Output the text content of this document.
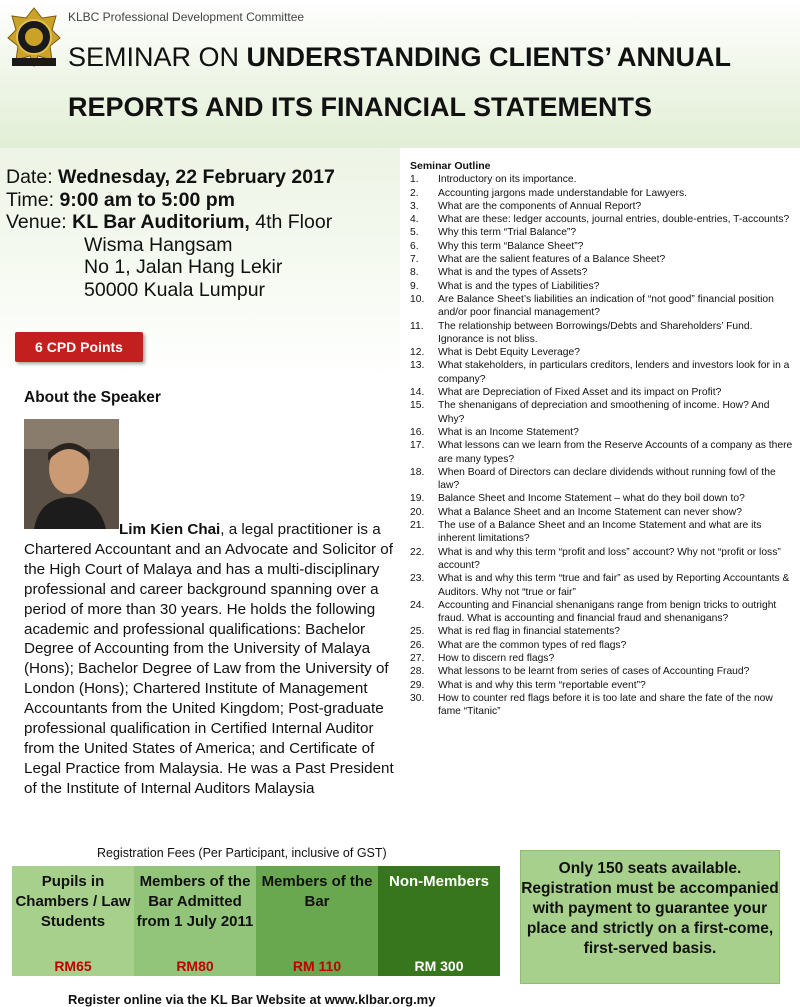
KLBC Professional Development Committee
SEMINAR ON UNDERSTANDING CLIENTS’ ANNUAL
REPORTS AND ITS FINANCIAL STATEMENTS
Date: Wednesday, 22 February 2017
Time: 9:00 am to 5:00 pm
Venue: KL Bar Auditorium, 4th Floor
Wisma Hangsam
No 1, Jalan Hang Lekir
50000 Kuala Lumpur
6 CPD Points
About the Speaker
Lim Kien Chai, a legal practitioner is a Chartered Accountant and an Advocate and Solicitor of the High Court of Malaya and has a multi-disciplinary professional and career background spanning over a period of more than 30 years. He holds the following academic and professional qualifications: Bachelor Degree of Accounting from the University of Malaya (Hons); Bachelor Degree of Law from the University of London (Hons); Chartered Institute of Management Accountants from the United Kingdom; Post-graduate professional qualification in Certified Internal Auditor from the United States of America; and Certificate of Legal Practice from Malaysia. He was a Past President of the Institute of Internal Auditors Malaysia
Seminar Outline
1. Introductory on its importance.
2. Accounting jargons made understandable for Lawyers.
3. What are the components of Annual Report?
4. What are these: ledger accounts, journal entries, double-entries, T-accounts?
5. Why this term “Trial Balance”?
6. Why this term “Balance Sheet”?
7. What are the salient features of a Balance Sheet?
8. What is and the types of Assets?
9. What is and the types of Liabilities?
10. Are Balance Sheet’s liabilities an indication of “not good” financial position and/or poor financial management?
11. The relationship between Borrowings/Debts and Shareholders’ Fund. Ignorance is not bliss.
12. What is Debt Equity Leverage?
13. What stakeholders, in particulars creditors, lenders and investors look for in a company?
14. What are Depreciation of Fixed Asset and its impact on Profit?
15. The shenanigans of depreciation and smoothening of income. How? And Why?
16. What is an Income Statement?
17. What lessons can we learn from the Reserve Accounts of a company as there are many types?
18. When Board of Directors can declare dividends without running fowl of the law?
19. Balance Sheet and Income Statement – what do they boil down to?
20. What a Balance Sheet and an Income Statement can never show?
21. The use of a Balance Sheet and an Income Statement and what are its inherent limitations?
22. What is and why this term “profit and loss” account? Why not “profit or loss” account?
23. What is and why this term “true and fair” as used by Reporting Accountants & Auditors. Why not “true or fair”
24. Accounting and Financial shenanigans range from benign tricks to outright fraud. What is accounting and financial fraud and shenanigans?
25. What is red flag in financial statements?
26. What are the common types of red flags?
27. How to discern red flags?
28. What lessons to be learnt from series of cases of Accounting Fraud?
29. What is and why this term “reportable event”?
30. How to counter red flags before it is too late and share the fate of the now fame “Titanic”
Registration Fees (Per Participant, inclusive of GST)
Pupils in Chambers / Law Students
RM65
Members of the Bar Admitted from 1 July 2011
RM80
Members of the Bar
RM 110
Non-Members
RM 300
Only 150 seats available. Registration must be accompanied with payment to guarantee your place and strictly on a first-come, first-served basis.
Register online via the KL Bar Website at www.klbar.org.my
